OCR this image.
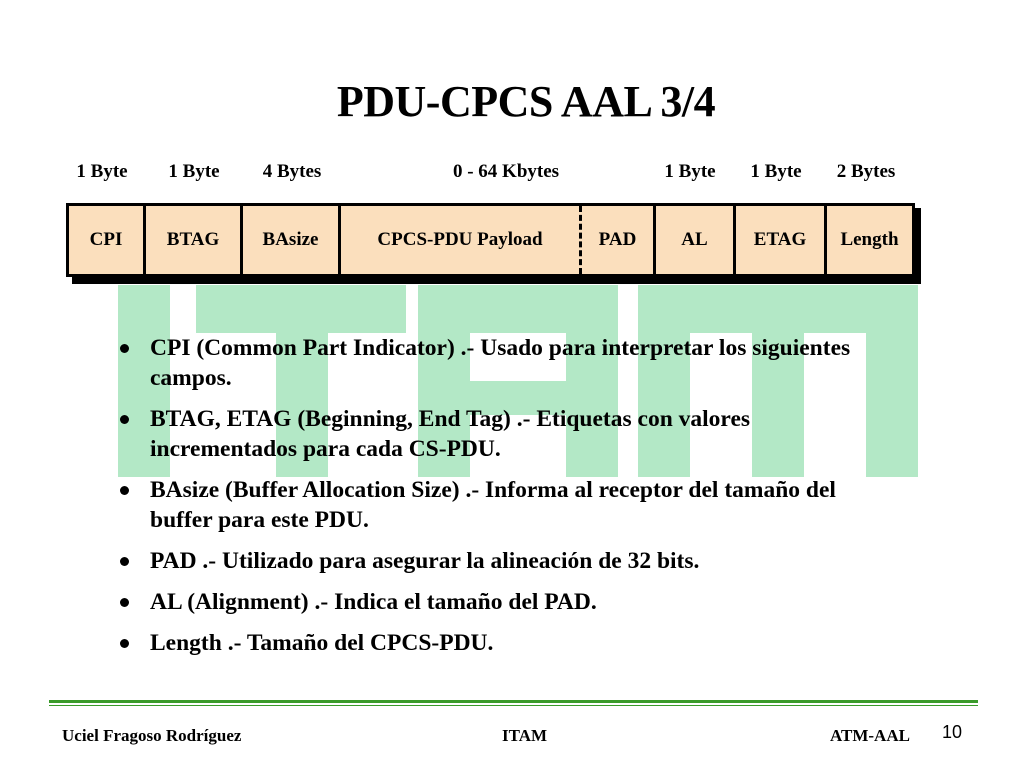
PDU-CPCS AAL 3/4
1 Byte 1 Byte 4 Bytes	0 - 64 Kbytes	1 Byte 1 Byte 2 Bytes
CPI	BTAG	BAsize	CPCS-PDU Payload	PAD	AL	ETAG	Length
CPI (Common Part Indicator) .- Usado para interpretar los siguientes campos.
BTAG, ETAG (Beginning, End Tag) .- Etiquetas con valores incrementados para cada CS-PDU.
BAsize (Buffer Allocation Size) .- Informa al receptor del tamaño del buffer para este PDU.
PAD .- Utilizado para asegurar la alineación de 32 bits.
AL (Alignment) .- Indica el tamaño del PAD.
Length .- Tamaño del CPCS-PDU.
Uciel Fragoso Rodríguez	ITAM	ATM-AAL 10
